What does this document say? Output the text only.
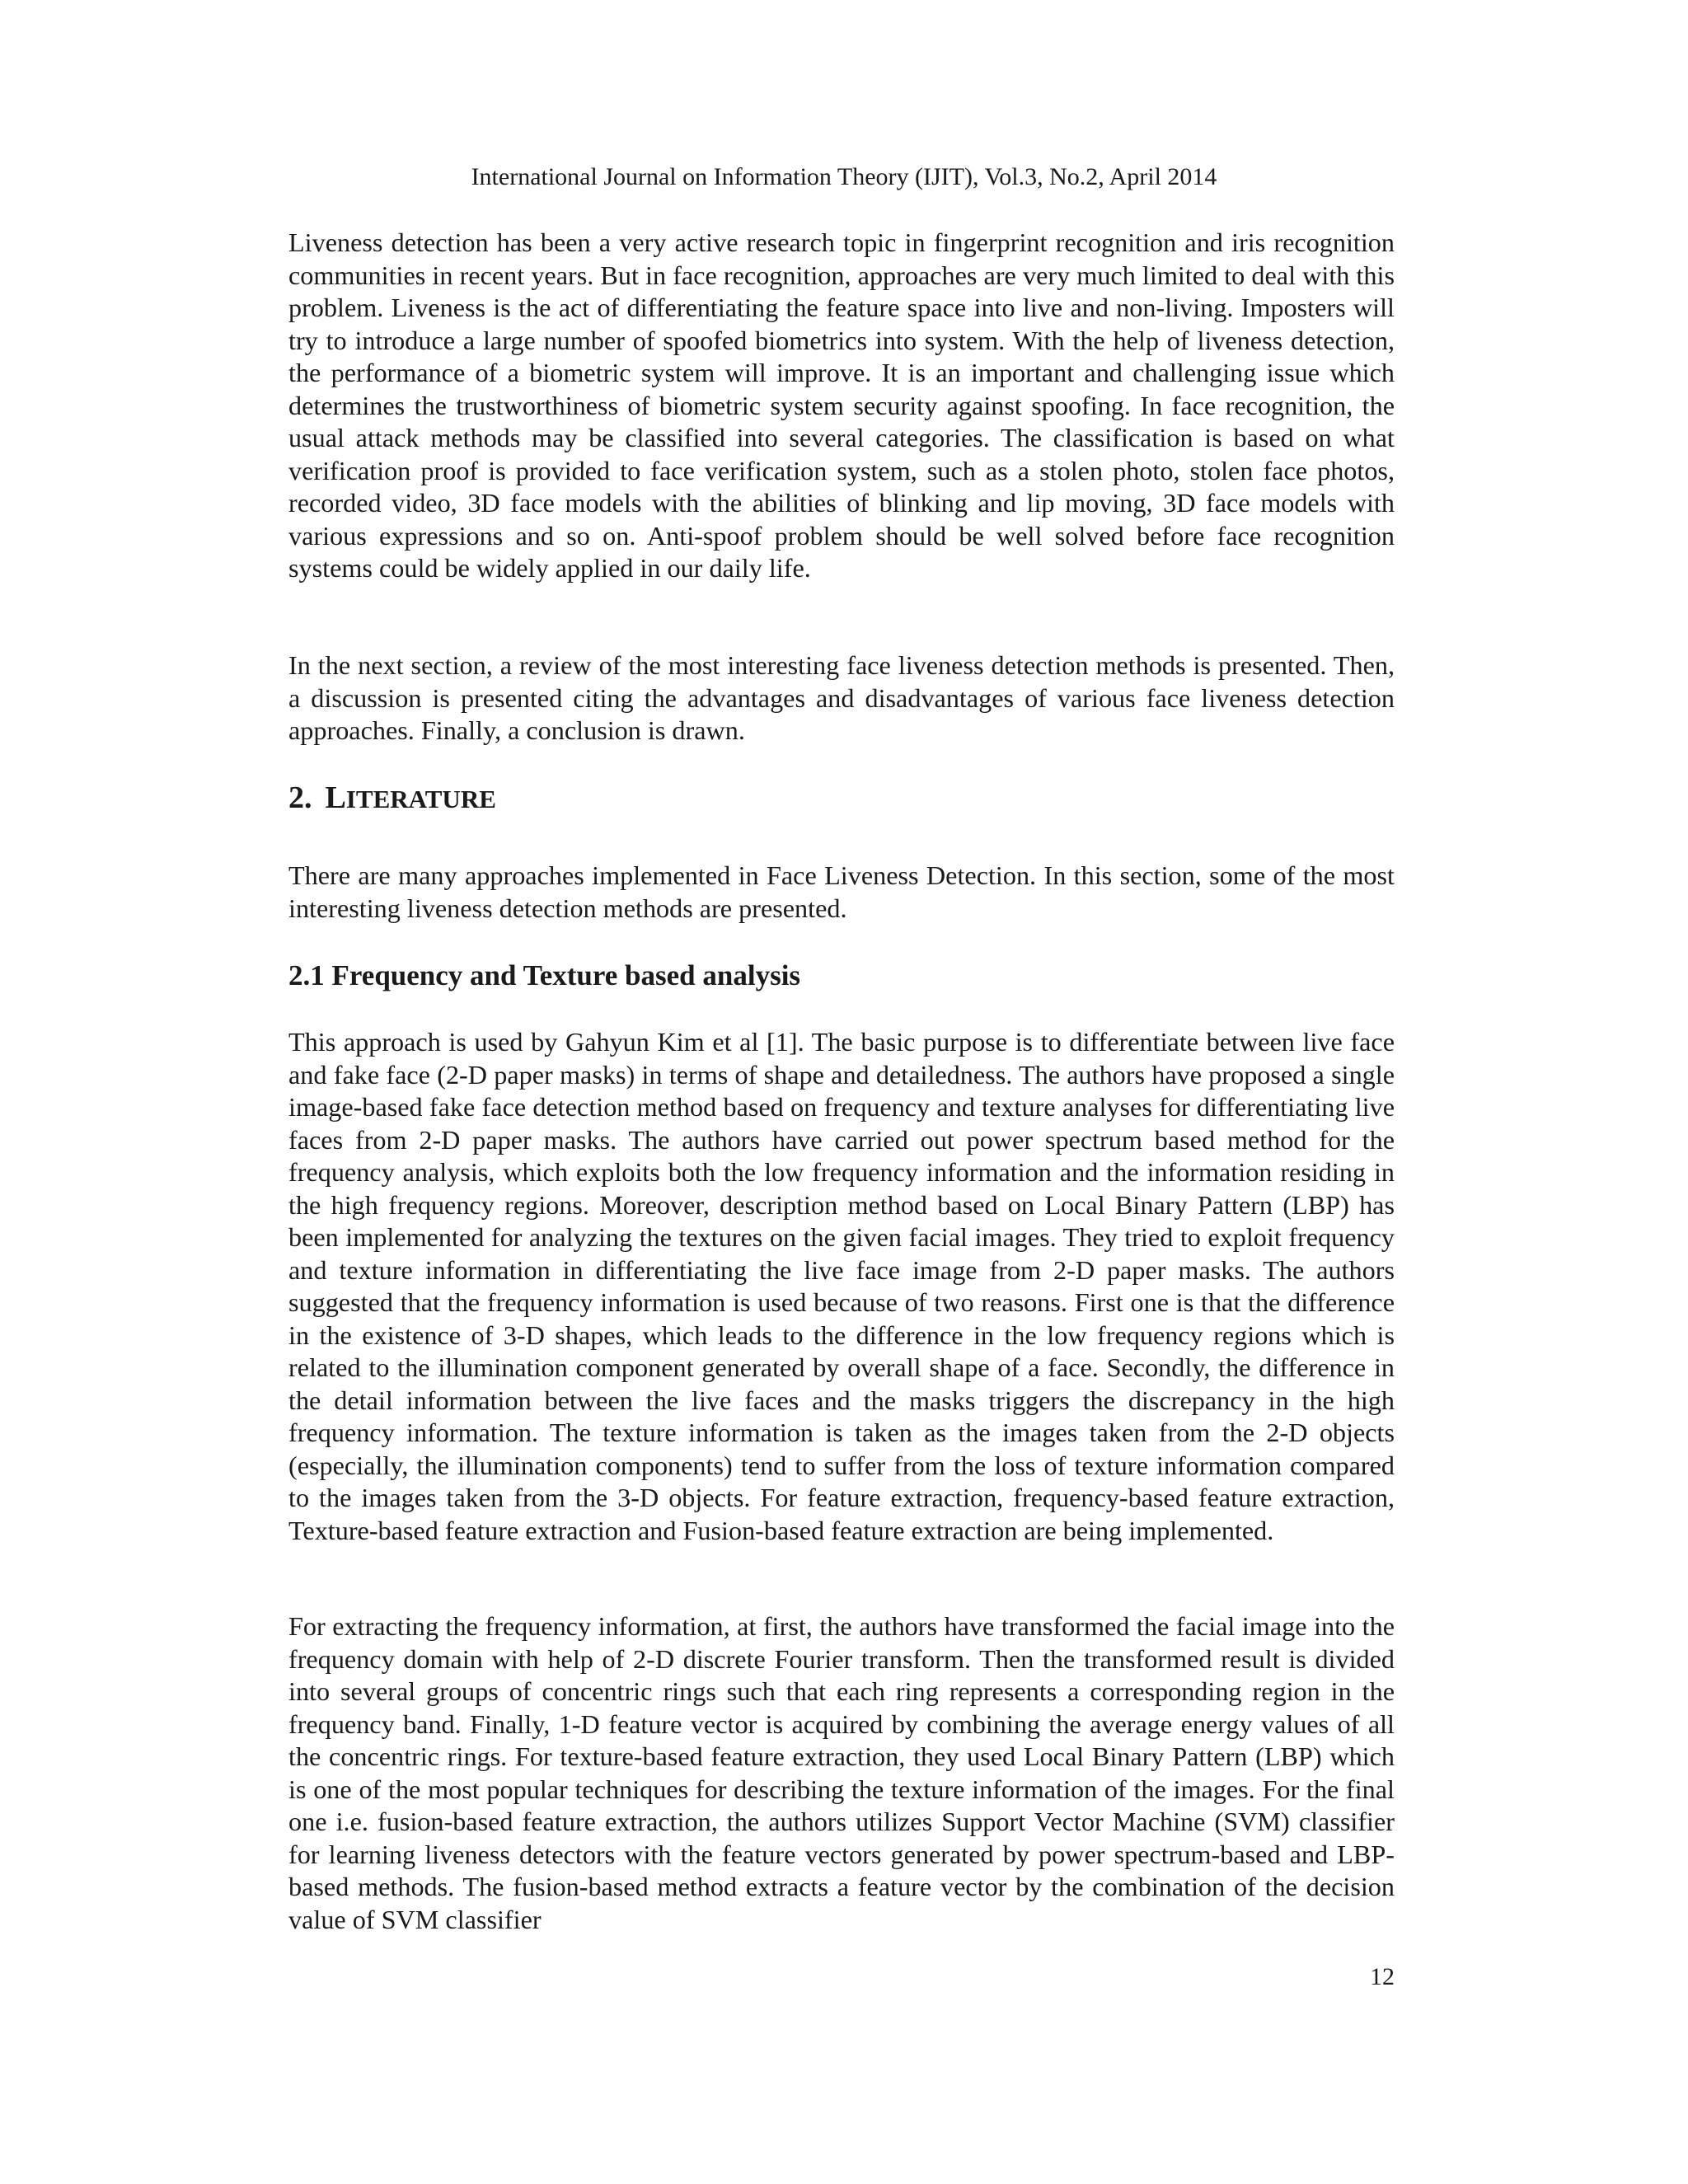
International Journal on Information Theory (IJIT), Vol.3, No.2, April 2014

Liveness detection has been a very active research topic in fingerprint recognition and iris recognition communities in recent years. But in face recognition, approaches are very much limited to deal with this problem. Liveness is the act of differentiating the feature space into live and non-living. Imposters will try to introduce a large number of spoofed biometrics into system. With the help of liveness detection, the performance of a biometric system will improve. It is an important and challenging issue which determines the trustworthiness of biometric system security against spoofing. In face recognition, the usual attack methods may be classified into several categories. The classification is based on what verification proof is provided to face verification system, such as a stolen photo, stolen face photos, recorded video, 3D face models with the abilities of blinking and lip moving, 3D face models with various expressions and so on. Anti-spoof problem should be well solved before face recognition systems could be widely applied in our daily life.

In the next section, a review of the most interesting face liveness detection methods is presented. Then, a discussion is presented citing the advantages and disadvantages of various face liveness detection approaches. Finally, a conclusion is drawn.

2. LITERATURE

There are many approaches implemented in Face Liveness Detection. In this section, some of the most interesting liveness detection methods are presented.

2.1 Frequency and Texture based analysis

This approach is used by Gahyun Kim et al [1]. The basic purpose is to differentiate between live face and fake face (2-D paper masks) in terms of shape and detailedness. The authors have proposed a single image-based fake face detection method based on frequency and texture analyses for differentiating live faces from 2-D paper masks. The authors have carried out power spectrum based method for the frequency analysis, which exploits both the low frequency information and the information residing in the high frequency regions. Moreover, description method based on Local Binary Pattern (LBP) has been implemented for analyzing the textures on the given facial images. They tried to exploit frequency and texture information in differentiating the live face image from 2-D paper masks. The authors suggested that the frequency information is used because of two reasons. First one is that the difference in the existence of 3-D shapes, which leads to the difference in the low frequency regions which is related to the illumination component generated by overall shape of a face. Secondly, the difference in the detail information between the live faces and the masks triggers the discrepancy in the high frequency information. The texture information is taken as the images taken from the 2-D objects (especially, the illumination components) tend to suffer from the loss of texture information compared to the images taken from the 3-D objects. For feature extraction, frequency-based feature extraction, Texture-based feature extraction and Fusion-based feature extraction are being implemented.

For extracting the frequency information, at first, the authors have transformed the facial image into the frequency domain with help of 2-D discrete Fourier transform. Then the transformed result is divided into several groups of concentric rings such that each ring represents a corresponding region in the frequency band. Finally, 1-D feature vector is acquired by combining the average energy values of all the concentric rings. For texture-based feature extraction, they used Local Binary Pattern (LBP) which is one of the most popular techniques for describing the texture information of the images. For the final one i.e. fusion-based feature extraction, the authors utilizes Support Vector Machine (SVM) classifier for learning liveness detectors with the feature vectors generated by power spectrum-based and LBP-based methods. The fusion-based method extracts a feature vector by the combination of the decision value of SVM classifier

12
